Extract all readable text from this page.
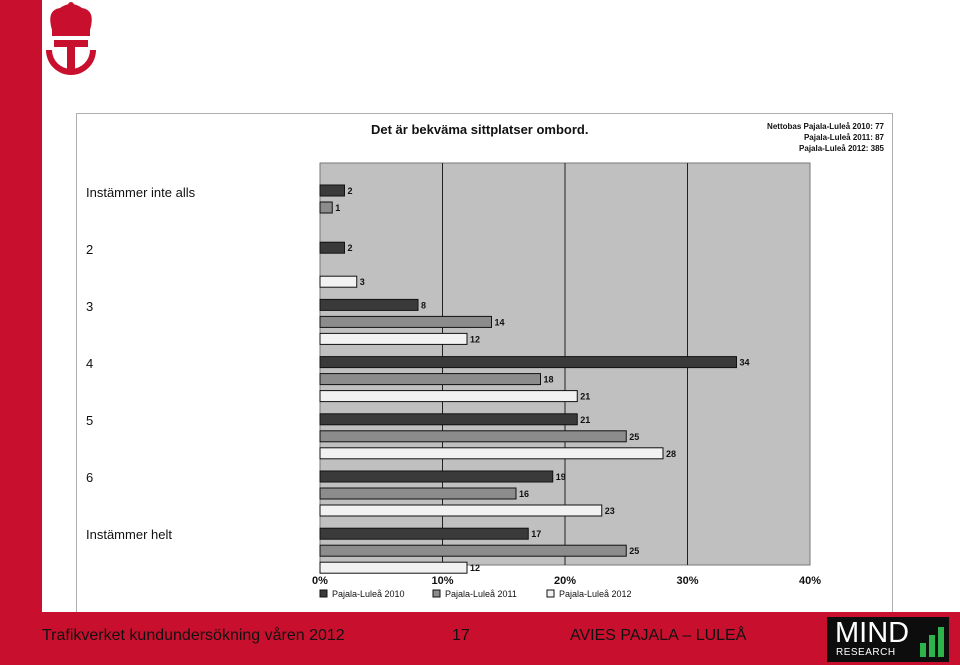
Det är bekväma sittplatser ombord.	Nettobas Pajala-Luleå 2010: 77
Pajala-Luleå 2011: 87
Pajala-Luleå 2012: 385
Instämmer inte alls
2
3
4
5
6
Instämmer helt
0%	10%	20%	30%	40%
2
1
2
3
8
14
12
34
18
21
21
25
28
19
16
23
17
25
12
Pajala-Luleå 2010	Pajala-Luleå 2011	Pajala-Luleå 2012
Trafikverket kundundersökning våren 2012	17	AVIES PAJALA – LULEÅ	MIND
RESEARCH
